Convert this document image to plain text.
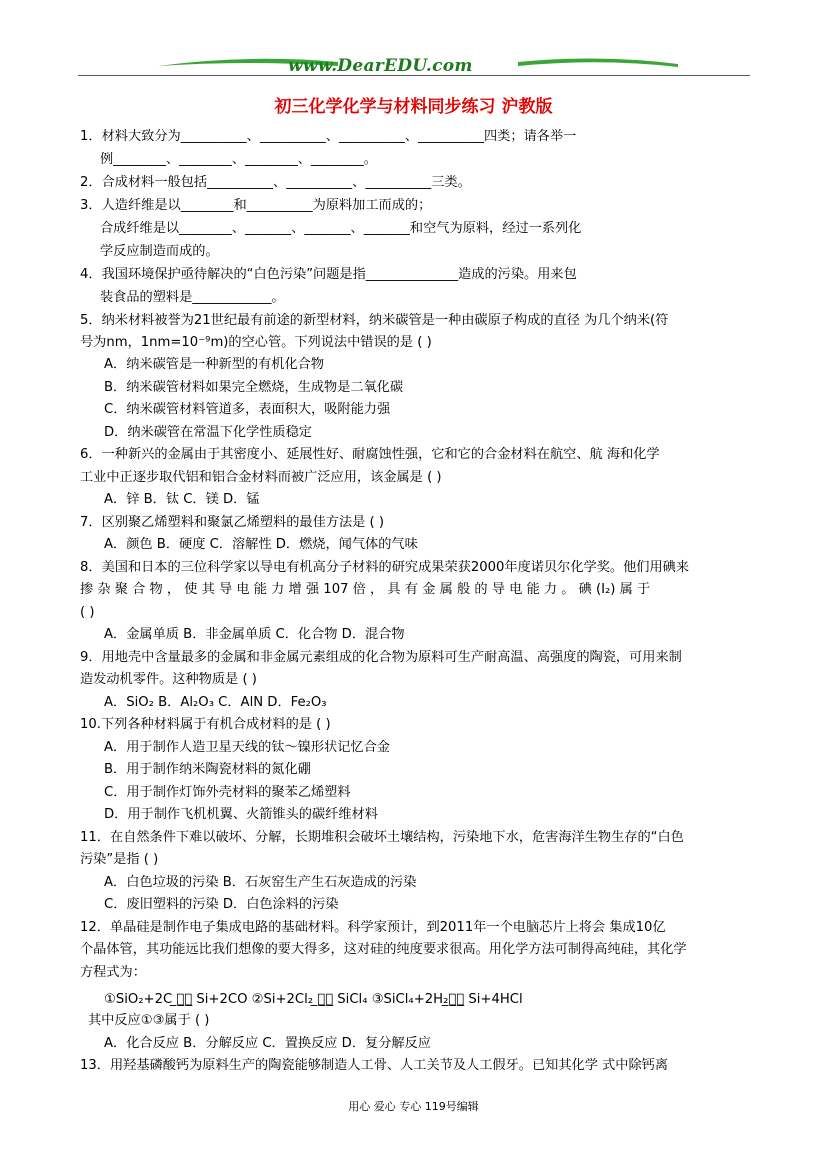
www.DearEDU.com
初三化学化学与材料同步练习 沪教版
1．材料大致分为__________、__________、__________、__________四类；请各举一
例________、________、________、________。
2．合成材料一般包括__________、__________、__________三类。
3．人造纤维是以________和__________为原料加工而成的；
合成纤维是以________、_______、_______、_______和空气为原料，经过一系列化
学反应制造而成的。
4．我国环境保护亟待解决的“白色污染”问题是指______________造成的污染。用来包
装食品的塑料是____________。
5．纳米材料被誉为21世纪最有前途的新型材料，纳米碳管是一种由碳原子构成的直径 为几个纳米(符
号为nm，1nm=10⁻⁹m)的空心管。下列说法中错误的是 ( )
A．纳米碳管是一种新型的有机化合物
B．纳米碳管材料如果完全燃烧，生成物是二氧化碳
C．纳米碳管材料管道多，表面积大，吸附能力强
D．纳米碳管在常温下化学性质稳定
6．一种新兴的金属由于其密度小、延展性好、耐腐蚀性强，它和它的合金材料在航空、航 海和化学
工业中正逐步取代铝和铝合金材料而被广泛应用，该金属是 ( )
A．锌 B．钛 C．镁 D．锰
7．区别聚乙烯塑料和聚氯乙烯塑料的最佳方法是 ( )
A．颜色 B．硬度 C．溶解性 D．燃烧，闻气体的气味
8．美国和日本的三位科学家以导电有机高分子材料的研究成果荣获2000年度诺贝尔化学奖。他们用碘来
掺 杂 聚 合 物 ， 使 其 导 电 能 力 增 强 107 倍 ， 具 有 金 属 般 的 导 电 能 力 。 碘 (I₂) 属 于
( )
A．金属单质 B．非金属单质 C．化合物 D．混合物
9．用地壳中含量最多的金属和非金属元素组成的化合物为原料可生产耐高温、高强度的陶瓷，可用来制
造发动机零件。这种物质是 ( )
A．SiO₂ B．Al₂O₃ C．AlN D．Fe₂O₃
10.下列各种材料属于有机合成材料的是 ( )
A．用于制作人造卫星天线的钛～镍形状记忆合金
B．用于制作纳米陶瓷材料的氮化硼
C．用于制作灯饰外壳材料的聚苯乙烯塑料
D．用于制作飞机机翼、火箭锥头的碳纤维材料
11．在自然条件下难以破坏、分解，长期堆积会破坏土壤结构，污染地下水，危害海洋生物生存的“白色
污染”是指 ( )
A．白色垃圾的污染 B．石灰窑生产生石灰造成的污染
C．废旧塑料的污染 D．白色涂料的污染
12．单晶硅是制作电子集成电路的基础材料。科学家预计，到2011年一个电脑芯片上将会 集成10亿
个晶体管，其功能远比我们想像的要大得多，这对硅的纯度要求很高。用化学方法可制得高纯硅，其化学
方程式为：
①SiO₂+2C ̲高̲温̲ Si+2CO ②Si+2Cl₂ ̲点̲燃̲ SiCl₄ ③SiCl₄+2H₂̲加̲热̲ Si+4HCl
其中反应①③属于 ( )
A．化合反应 B．分解反应 C．置换反应 D．复分解反应
13．用羟基磷酸钙为原料生产的陶瓷能够制造人工骨、人工关节及人工假牙。已知其化学 式中除钙离
用心 爱心 专心 119号编辑
